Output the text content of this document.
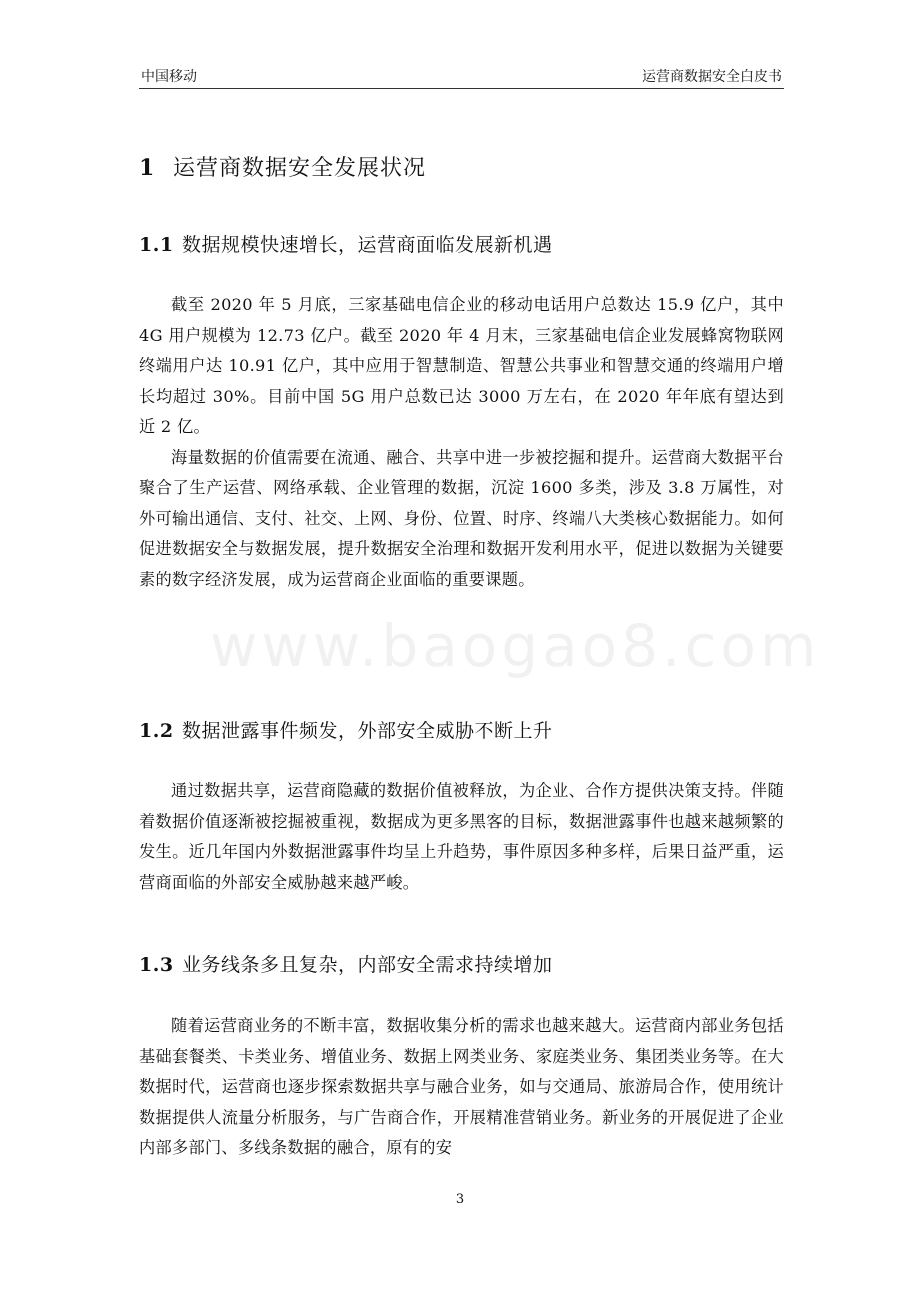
中国移动	运营商数据安全白皮书
www.baogao8.com
1 运营商数据安全发展状况
1.1 数据规模快速增长，运营商面临发展新机遇

截至 2020 年 5 月底，三家基础电信企业的移动电话用户总数达 15.9 亿户，其中 4G 用户规模为 12.73 亿户。截至 2020 年 4 月末，三家基础电信企业发展蜂窝物联网终端用户达 10.91 亿户，其中应用于智慧制造、智慧公共事业和智慧交通的终端用户增长均超过 30%。目前中国 5G 用户总数已达 3000 万左右，在 2020 年年底有望达到近 2 亿。

海量数据的价值需要在流通、融合、共享中进一步被挖掘和提升。运营商大数据平台聚合了生产运营、网络承载、企业管理的数据，沉淀 1600 多类，涉及 3.8 万属性，对外可输出通信、支付、社交、上网、身份、位置、时序、终端八大类核心数据能力。如何促进数据安全与数据发展，提升数据安全治理和数据开发利用水平，促进以数据为关键要素的数字经济发展，成为运营商企业面临的重要课题。

1.2 数据泄露事件频发，外部安全威胁不断上升

通过数据共享，运营商隐藏的数据价值被释放，为企业、合作方提供决策支持。伴随着数据价值逐渐被挖掘被重视，数据成为更多黑客的目标，数据泄露事件也越来越频繁的发生。近几年国内外数据泄露事件均呈上升趋势，事件原因多种多样，后果日益严重，运营商面临的外部安全威胁越来越严峻。

1.3 业务线条多且复杂，内部安全需求持续增加

随着运营商业务的不断丰富，数据收集分析的需求也越来越大。运营商内部业务包括基础套餐类、卡类业务、增值业务、数据上网类业务、家庭类业务、集团类业务等。在大数据时代，运营商也逐步探索数据共享与融合业务，如与交通局、旅游局合作，使用统计数据提供人流量分析服务，与广告商合作，开展精准营销业务。新业务的开展促进了企业内部多部门、多线条数据的融合，原有的安

3
